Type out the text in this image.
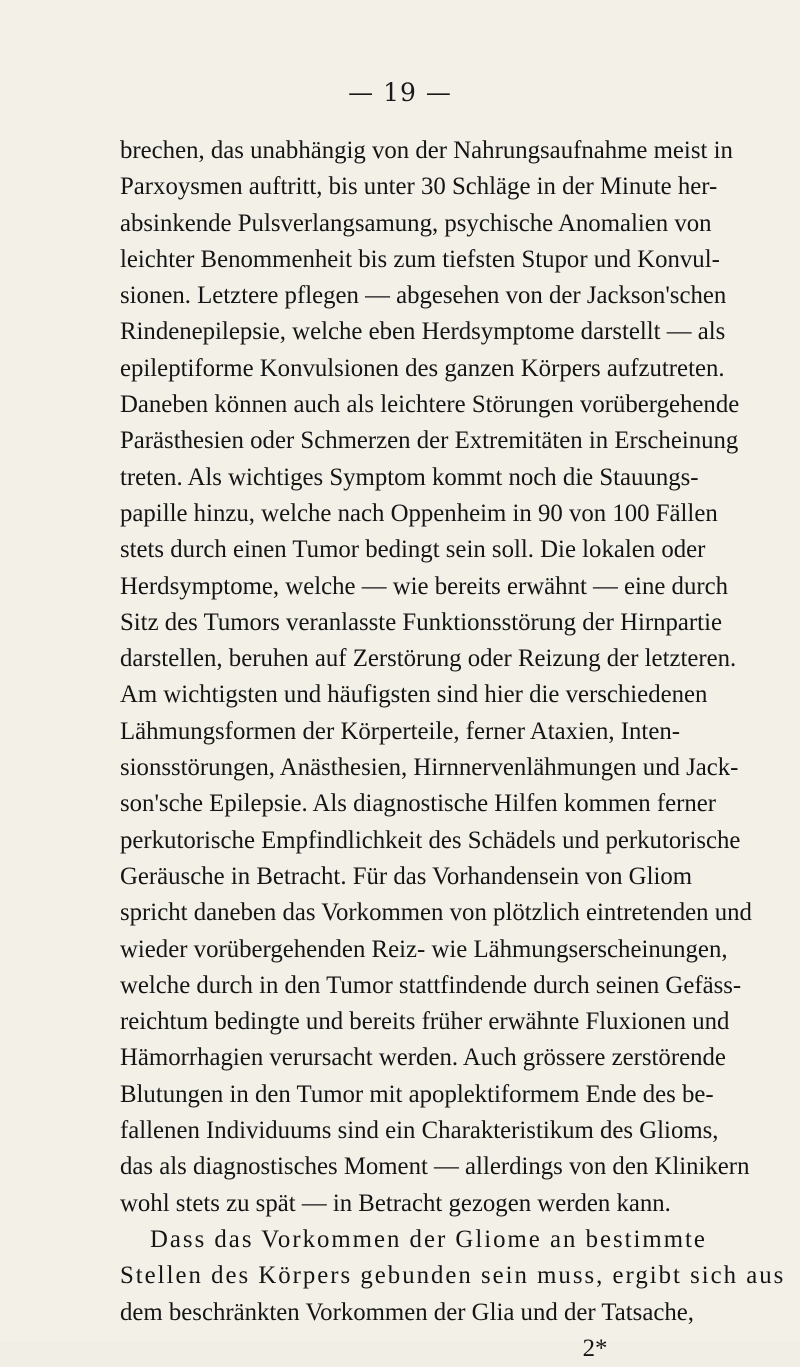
— 19 —
brechen, das unabhängig von der Nahrungsaufnahme meist in
Parxoysmen auftritt, bis unter 30 Schläge in der Minute her-
absinkende Pulsverlangsamung, psychische Anomalien von
leichter Benommenheit bis zum tiefsten Stupor und Konvul-
sionen. Letztere pflegen — abgesehen von der Jackson'schen
Rindenepilepsie, welche eben Herdsymptome darstellt — als
epileptiforme Konvulsionen des ganzen Körpers aufzutreten.
Daneben können auch als leichtere Störungen vorübergehende
Parästhesien oder Schmerzen der Extremitäten in Erscheinung
treten. Als wichtiges Symptom kommt noch die Stauungs-
papille hinzu, welche nach Oppenheim in 90 von 100 Fällen
stets durch einen Tumor bedingt sein soll. Die lokalen oder
Herdsymptome, welche — wie bereits erwähnt — eine durch
Sitz des Tumors veranlasste Funktionsstörung der Hirnpartie
darstellen, beruhen auf Zerstörung oder Reizung der letzteren.
Am wichtigsten und häufigsten sind hier die verschiedenen
Lähmungsformen der Körperteile, ferner Ataxien, Inten-
sionsstörungen, Anästhesien, Hirnnervenlähmungen und Jack-
son'sche Epilepsie. Als diagnostische Hilfen kommen ferner
perkutorische Empfindlichkeit des Schädels und perkutorische
Geräusche in Betracht. Für das Vorhandensein von Gliom
spricht daneben das Vorkommen von plötzlich eintretenden und
wieder vorübergehenden Reiz- wie Lähmungserscheinungen,
welche durch in den Tumor stattfindende durch seinen Gefäss-
reichtum bedingte und bereits früher erwähnte Fluxionen und
Hämorrhagien verursacht werden. Auch grössere zerstörende
Blutungen in den Tumor mit apoplektiformem Ende des be-
fallenen Individuums sind ein Charakteristikum des Glioms,
das als diagnostisches Moment — allerdings von den Klinikern
wohl stets zu spät — in Betracht gezogen werden kann.
Dass das Vorkommen der Gliome an bestimmte
Stellen des Körpers gebunden sein muss, ergibt sich aus
dem beschränkten Vorkommen der Glia und der Tatsache,
2*
